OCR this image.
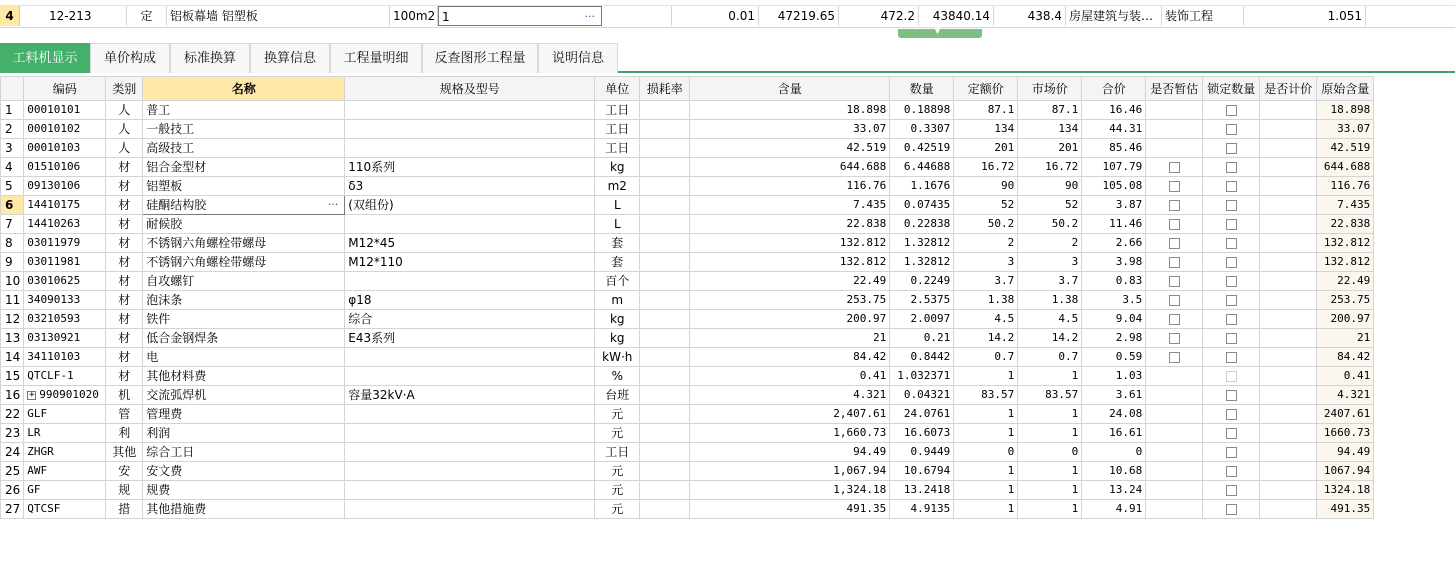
4	12-213	定	铝板幕墙 铝塑板	100m2 1	···	0.01	47219.65	472.2	43840.14	438.4 房屋建筑与装… 装饰工程	1.051
▼
工料机显示	单价构成	标准换算	换算信息	工程量明细	反查图形工程量	说明信息
	编码	类别	名称	规格及型号	单位	损耗率	含量	数量	定额价	市场价	合价	是否暂估	锁定数量	是否计价	原始含量
1	00010101	人	普工		工日		18.898	0.18898	87.1	87.1	16.46				18.898
2	00010102	人	一般技工		工日		33.07	0.3307	134	134	44.31				33.07
3	00010103	人	高级技工		工日		42.519	0.42519	201	201	85.46				42.519
4	01510106	材	铝合金型材	110系列	kg		644.688	6.44688	16.72	16.72	107.79				644.688
5	09130106	材	铝塑板	δ3	m2		116.76	1.1676	90	90	105.08				116.76
6	14410175	材	硅酮结构胶 ···	(双组份)	L		7.435	0.07435	52	52	3.87				7.435
7	14410263	材	耐候胶		L		22.838	0.22838	50.2	50.2	11.46				22.838
8	03011979	材	不锈钢六角螺栓带螺母	M12*45	套		132.812	1.32812	2	2	2.66				132.812
9	03011981	材	不锈钢六角螺栓带螺母	M12*110	套		132.812	1.32812	3	3	3.98				132.812
10	03010625	材	自攻螺钉		百个		22.49	0.2249	3.7	3.7	0.83				22.49
11	34090133	材	泡沫条	φ18	m		253.75	2.5375	1.38	1.38	3.5				253.75
12	03210593	材	铁件	综合	kg		200.97	2.0097	4.5	4.5	9.04				200.97
13	03130921	材	低合金钢焊条	E43系列	kg		21	0.21	14.2	14.2	2.98				21
14	34110103	材	电		kW·h		84.42	0.8442	0.7	0.7	0.59				84.42
15	QTCLF-1	材	其他材料费		%		0.41	1.032371	1	1	1.03				0.41
16	+ 990901020	机	交流弧焊机	容量32kV·A	台班		4.321	0.04321	83.57	83.57	3.61				4.321
22	GLF	管	管理费		元		2,407.61	24.0761	1	1	24.08				2407.61
23	LR	利	利润		元		1,660.73	16.6073	1	1	16.61				1660.73
24	ZHGR	其他	综合工日		工日		94.49	0.9449	0	0	0				94.49
25	AWF	安	安文费		元		1,067.94	10.6794	1	1	10.68				1067.94
26	GF	规	规费		元		1,324.18	13.2418	1	1	13.24				1324.18
27	QTCSF	措	其他措施费		元		491.35	4.9135	1	1	4.91				491.35
